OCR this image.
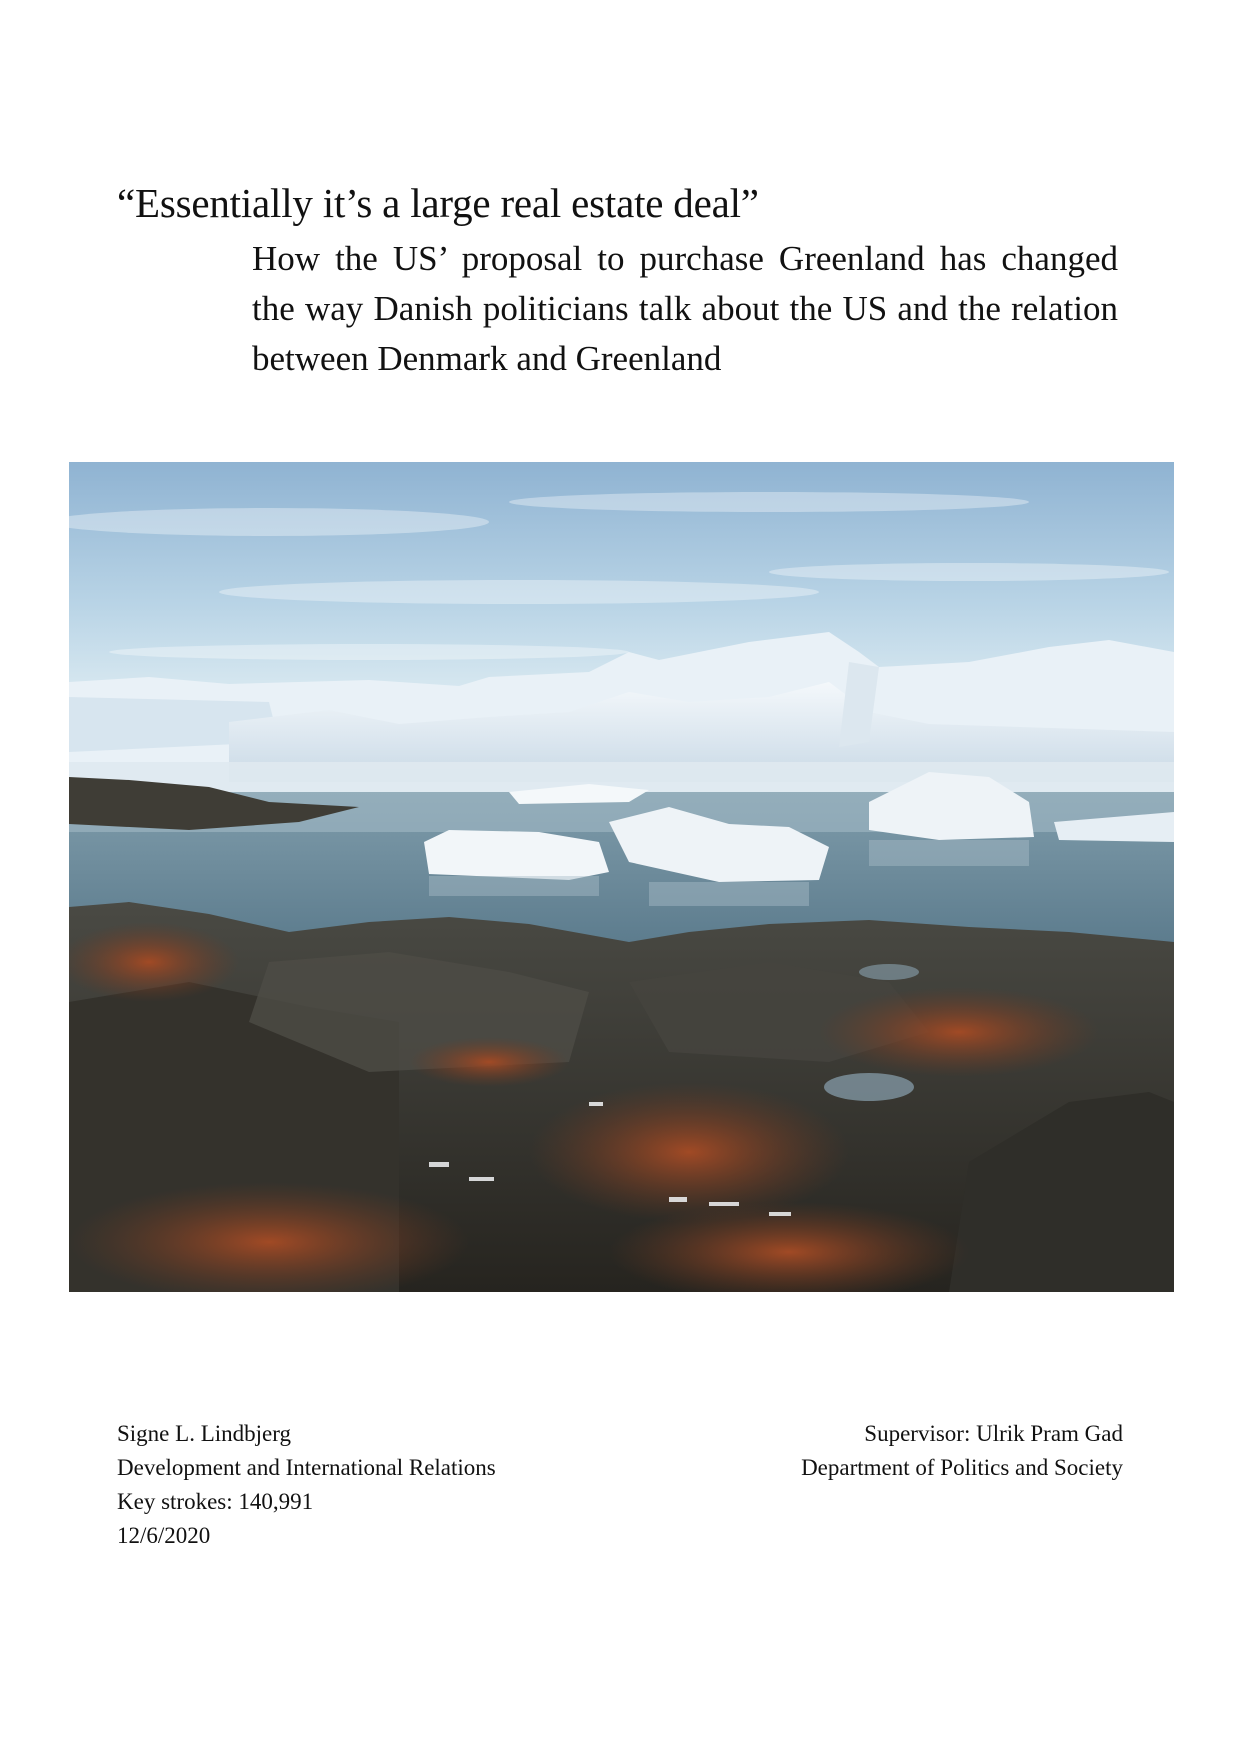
“Essentially it’s a large real estate deal”
How the US’ proposal to purchase Greenland has changed the way Danish politicians talk about the US and the relation between Denmark and Greenland
Signe L. Lindbjerg
Development and International Relations
Key strokes: 140,991
12/6/2020
Supervisor: Ulrik Pram Gad
Department of Politics and Society
